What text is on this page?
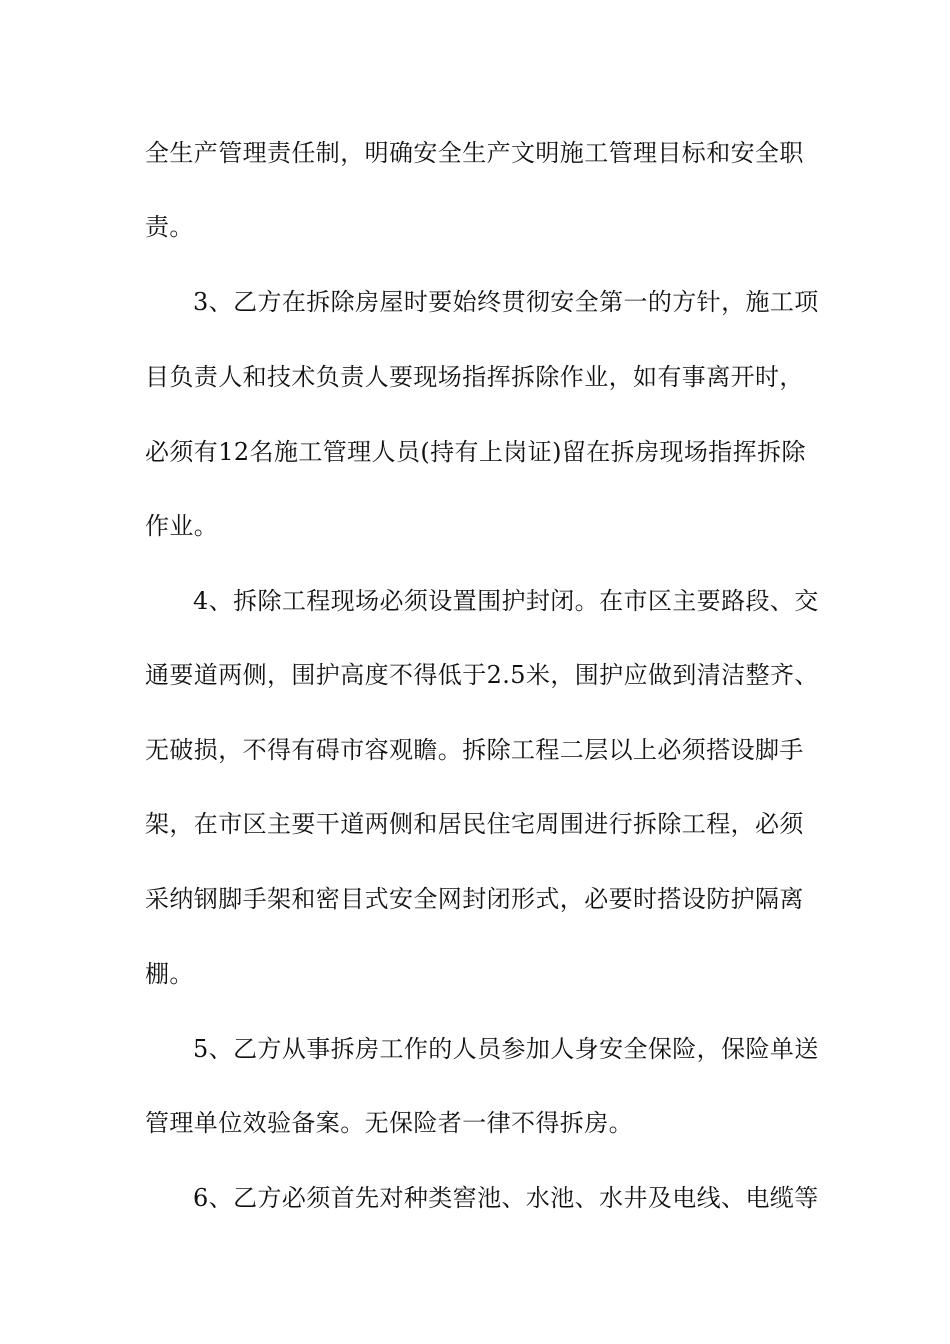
全生产管理责任制，明确安全生产文明施工管理目标和安全职
责。
3、乙方在拆除房屋时要始终贯彻安全第一的方针，施工项
目负责人和技术负责人要现场指挥拆除作业，如有事离开时，
必须有12名施工管理人员(持有上岗证)留在拆房现场指挥拆除
作业。
4、拆除工程现场必须设置围护封闭。在市区主要路段、交
通要道两侧，围护高度不得低于2.5米，围护应做到清洁整齐、
无破损，不得有碍市容观瞻。拆除工程二层以上必须搭设脚手
架，在市区主要干道两侧和居民住宅周围进行拆除工程，必须
采纳钢脚手架和密目式安全网封闭形式，必要时搭设防护隔离
棚。
5、乙方从事拆房工作的人员参加人身安全保险，保险单送
管理单位效验备案。无保险者一律不得拆房。
6、乙方必须首先对种类窖池、水池、水井及电线、电缆等
